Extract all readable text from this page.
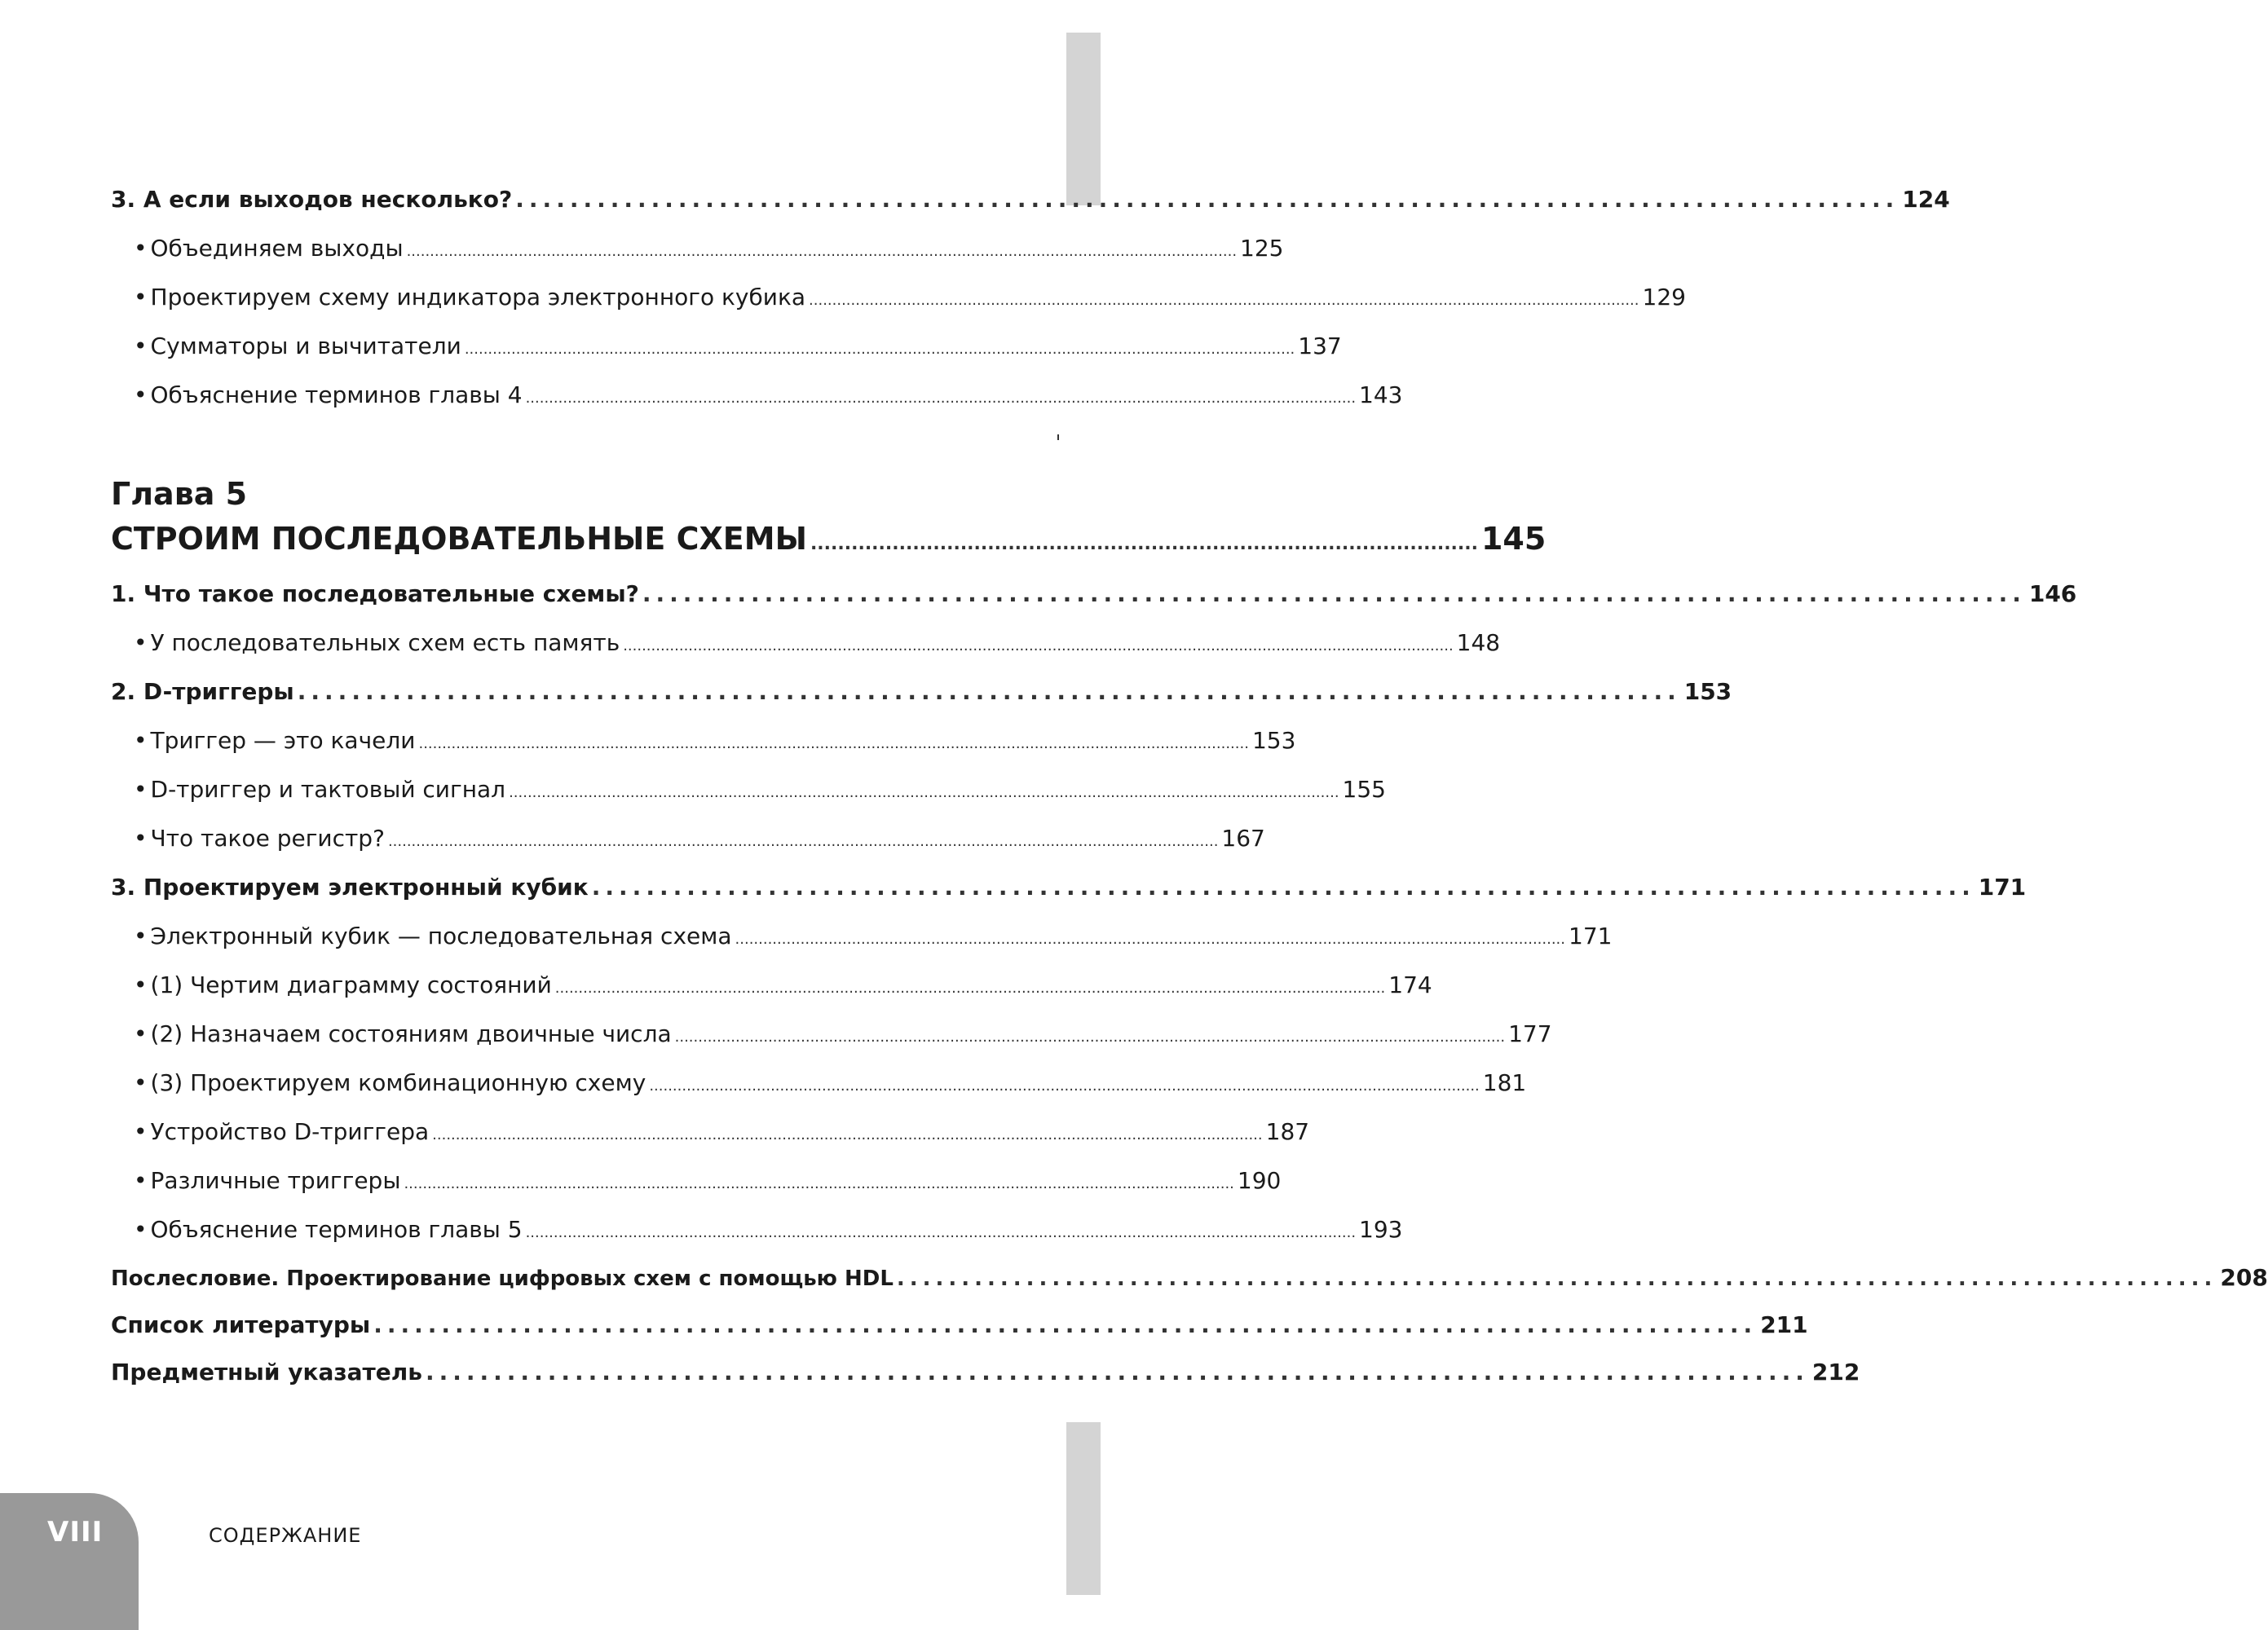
3. А если выходов несколько? ...................................................................................................... 124
• Объединяем выходы .................................................................................................................................................................................. 125
• Проектируем схему индикатора электронного кубика .................................................................................................................................................................................. 129
• Сумматоры и вычитатели .................................................................................................................................................................................. 137
• Объяснение терминов главы 4 .................................................................................................................................................................................. 143
Глава 5
СТРОИМ ПОСЛЕДОВАТЕЛЬНЫЕ СХЕМЫ .................................................................................................. 145
1. Что такое последовательные схемы? ...................................................................................................... 146
• У последовательных схем есть память .................................................................................................................................................................................. 148
2. D-триггеры ...................................................................................................... 153
• Триггер — это качели .................................................................................................................................................................................. 153
• D-триггер и тактовый сигнал .................................................................................................................................................................................. 155
• Что такое регистр? .................................................................................................................................................................................. 167
3. Проектируем электронный кубик ...................................................................................................... 171
• Электронный кубик — последовательная схема .................................................................................................................................................................................. 171
• (1) Чертим диаграмму состояний .................................................................................................................................................................................. 174
• (2) Назначаем состояниям двоичные числа .................................................................................................................................................................................. 177
• (3) Проектируем комбинационную схему .................................................................................................................................................................................. 181
• Устройство D-триггера .................................................................................................................................................................................. 187
• Различные триггеры .................................................................................................................................................................................. 190
• Объяснение терминов главы 5 .................................................................................................................................................................................. 193
Послесловие. Проектирование цифровых схем с помощью HDL ...................................................................................................... 208
Список литературы ...................................................................................................... 211
Предметный указатель ...................................................................................................... 212
VIII	СОДЕРЖАНИЕ
